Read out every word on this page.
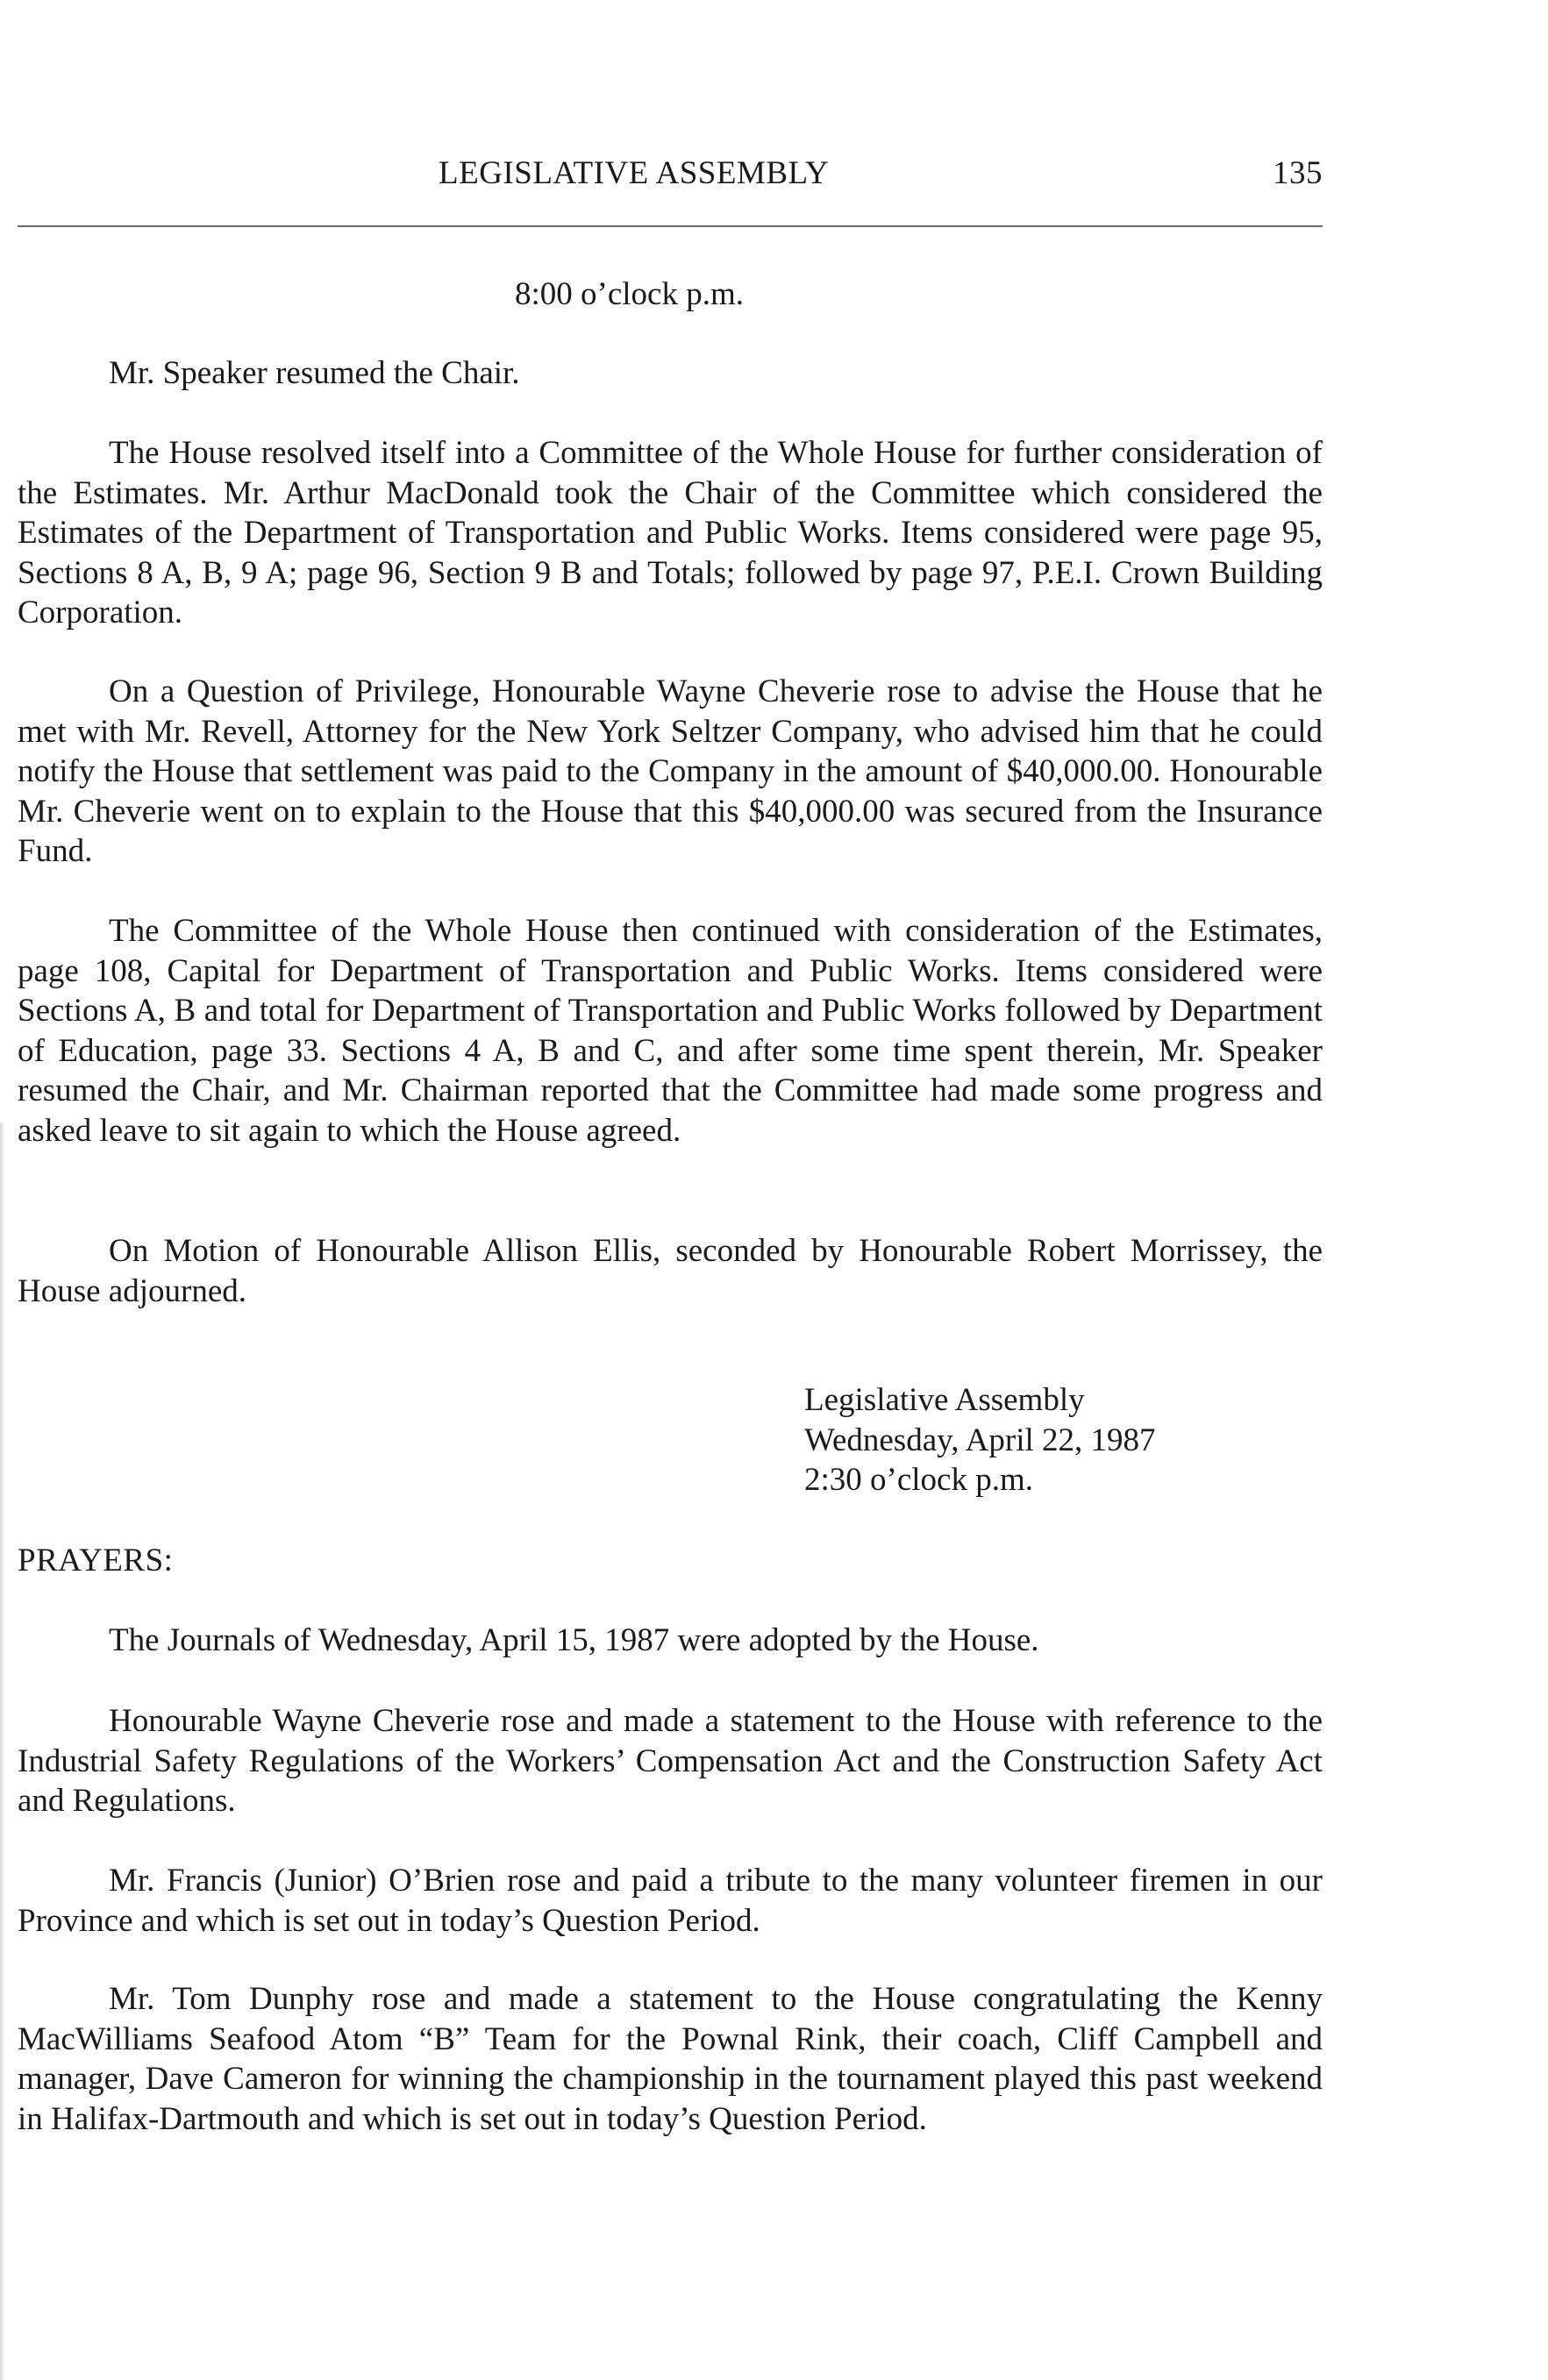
LEGISLATIVE ASSEMBLY	135
8:00 o’clock p.m.
Mr. Speaker resumed the Chair.

The House resolved itself into a Committee of the Whole House for further consideration of the Estimates. Mr. Arthur MacDonald took the Chair of the Committee which considered the Estimates of the Department of Transportation and Public Works. Items considered were page 95, Sections 8 A, B, 9 A; page 96, Section 9 B and Totals; followed by page 97, P.E.I. Crown Building Corporation.

On a Question of Privilege, Honourable Wayne Cheverie rose to advise the House that he met with Mr. Revell, Attorney for the New York Seltzer Company, who advised him that he could notify the House that settlement was paid to the Company in the amount of $40,000.00. Honourable Mr. Cheverie went on to explain to the House that this $40,000.00 was secured from the Insurance Fund.

The Committee of the Whole House then continued with consideration of the Estimates, page 108, Capital for Department of Transportation and Public Works. Items considered were Sections A, B and total for Department of Transportation and Public Works followed by Department of Education, page 33. Sections 4 A, B and C, and after some time spent therein, Mr. Speaker resumed the Chair, and Mr. Chairman reported that the Committee had made some progress and asked leave to sit again to which the House agreed.

On Motion of Honourable Allison Ellis, seconded by Honourable Robert Morrissey, the House adjourned.

Legislative Assembly
Wednesday, April 22, 1987
2:30 o’clock p.m.
PRAYERS:

The Journals of Wednesday, April 15, 1987 were adopted by the House.

Honourable Wayne Cheverie rose and made a statement to the House with reference to the Industrial Safety Regulations of the Workers’ Compensation Act and the Construction Safety Act and Regulations.

Mr. Francis (Junior) O’Brien rose and paid a tribute to the many volunteer firemen in our Province and which is set out in today’s Question Period.

Mr. Tom Dunphy rose and made a statement to the House congratulating the Kenny MacWilliams Seafood Atom “B” Team for the Pownal Rink, their coach, Cliff Campbell and manager, Dave Cameron for winning the championship in the tournament played this past weekend in Halifax-Dartmouth and which is set out in today’s Question Period.
